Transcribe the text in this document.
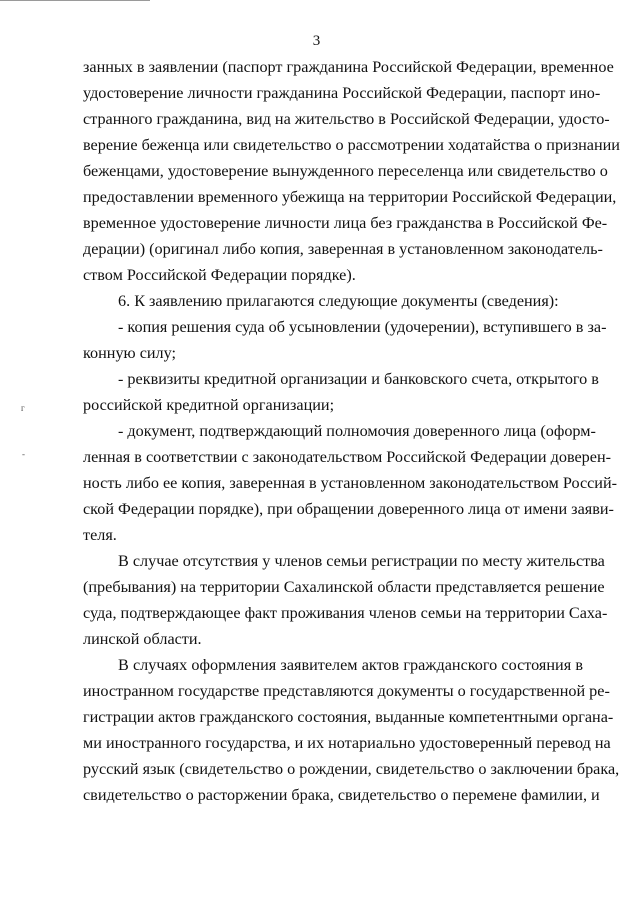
3
занных в заявлении (паспорт гражданина Российской Федерации, временное
удостоверение личности гражданина Российской Федерации, паспорт ино-
странного гражданина, вид на жительство в Российской Федерации, удосто-
верение беженца или свидетельство о рассмотрении ходатайства о признании
беженцами, удостоверение вынужденного переселенца или свидетельство о
предоставлении временного убежища на территории Российской Федерации,
временное удостоверение личности лица без гражданства в Российской Фе-
дерации) (оригинал либо копия, заверенная в установленном законодатель-
ством Российской Федерации порядке).
6. К заявлению прилагаются следующие документы (сведения):
- копия решения суда об усыновлении (удочерении), вступившего в за-
конную силу;
- реквизиты кредитной организации и банковского счета, открытого в
российской кредитной организации;
- документ, подтверждающий полномочия доверенного лица (оформ-
ленная в соответствии с законодательством Российской Федерации доверен-
ность либо ее копия, заверенная в установленном законодательством Россий-
ской Федерации порядке), при обращении доверенного лица от имени заяви-
теля.
В случае отсутствия у членов семьи регистрации по месту жительства
(пребывания) на территории Сахалинской области представляется решение
суда, подтверждающее факт проживания членов семьи на территории Саха-
линской области.
В случаях оформления заявителем актов гражданского состояния в
иностранном государстве представляются документы о государственной ре-
гистрации актов гражданского состояния, выданные компетентными органа-
ми иностранного государства, и их нотариально удостоверенный перевод на
русский язык (свидетельство о рождении, свидетельство о заключении брака,
свидетельство о расторжении брака, свидетельство о перемене фамилии, и
г
-
